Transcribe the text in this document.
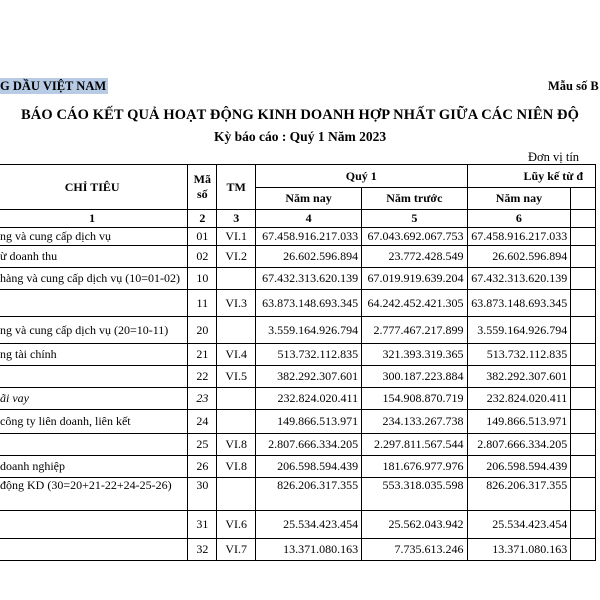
G DẦU VIỆT NAM	Mẫu số B
BÁO CÁO KẾT QUẢ HOẠT ĐỘNG KINH DOANH HỢP NHẤT GIỮA CÁC NIÊN ĐỘ
Kỳ báo cáo : Quý 1 Năm 2023
Đơn vị tín
CHỈ TIÊU	Mã số	TM	Quý 1		Lũy kế từ đ	
			Năm nay	Năm trước	Năm nay	
1	2	3	4	5	6	
ng và cung cấp dịch vụ	01	VI.1	67.458.916.217.033	67.043.692.067.753	67.458.916.217.033	
ừ doanh thu	02	VI.2	26.602.596.894	23.772.428.549	26.602.596.894	
hàng và cung cấp dịch vụ (10=01-02)	10		67.432.313.620.139	67.019.919.639.204	67.432.313.620.139	
	11	VI.3	63.873.148.693.345	64.242.452.421.305	63.873.148.693.345	
ng và cung cấp dịch vụ (20=10-11)	20		3.559.164.926.794	2.777.467.217.899	3.559.164.926.794	
ng tài chính	21	VI.4	513.732.112.835	321.393.319.365	513.732.112.835	
	22	VI.5	382.292.307.601	300.187.223.884	382.292.307.601	
ãi vay	23		232.824.020.411	154.908.870.719	232.824.020.411	
công ty liên doanh, liên kết	24		149.866.513.971	234.133.267.738	149.866.513.971	
	25	VI.8	2.807.666.334.205	2.297.811.567.544	2.807.666.334.205	
doanh nghiệp	26	VI.8	206.598.594.439	181.676.977.976	206.598.594.439	
động KD (30=20+21-22+24-25-26)	30		826.206.317.355	553.318.035.598	826.206.317.355	
	31	VI.6	25.534.423.454	25.562.043.942	25.534.423.454	
	32	VI.7	13.371.080.163	7.735.613.246	13.371.080.163	
